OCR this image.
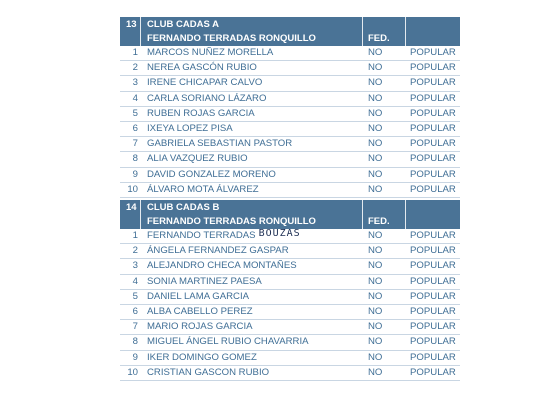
13 CLUB CADAS A
FERNANDO TERRADAS RONQUILLO	FED.
1 MARCOS NUÑEZ MORELLA	NO	POPULAR
2 NEREA GASCÓN RUBIO	NO	POPULAR
3 IRENE CHICAPAR CALVO	NO	POPULAR
4 CARLA SORIANO LÁZARO	NO	POPULAR
5 RUBEN ROJAS GARCIA	NO	POPULAR
6 IXEYA LOPEZ PISA	NO	POPULAR
7 GABRIELA SEBASTIAN PASTOR	NO	POPULAR
8 ALIA VAZQUEZ RUBIO	NO	POPULAR
9 DAVID GONZALEZ MORENO	NO	POPULAR
10 ÁLVARO MOTA ÁLVAREZ	NO	POPULAR
14 CLUB CADAS B
FERNANDO TERRADAS RONQUILLO	FED.
1 FERNANDO TERRADAS BOUZAS	NO	POPULAR
2 ÁNGELA FERNANDEZ GASPAR	NO	POPULAR
3 ALEJANDRO CHECA MONTAÑES	NO	POPULAR
4 SONIA MARTINEZ PAESA	NO	POPULAR
5 DANIEL LAMA GARCIA	NO	POPULAR
6 ALBA CABELLO PEREZ	NO	POPULAR
7 MARIO ROJAS GARCIA	NO	POPULAR
8 MIGUEL ÁNGEL RUBIO CHAVARRIA	NO	POPULAR
9 IKER DOMINGO GOMEZ	NO	POPULAR
10 CRISTIAN GASCON RUBIO	NO	POPULAR
